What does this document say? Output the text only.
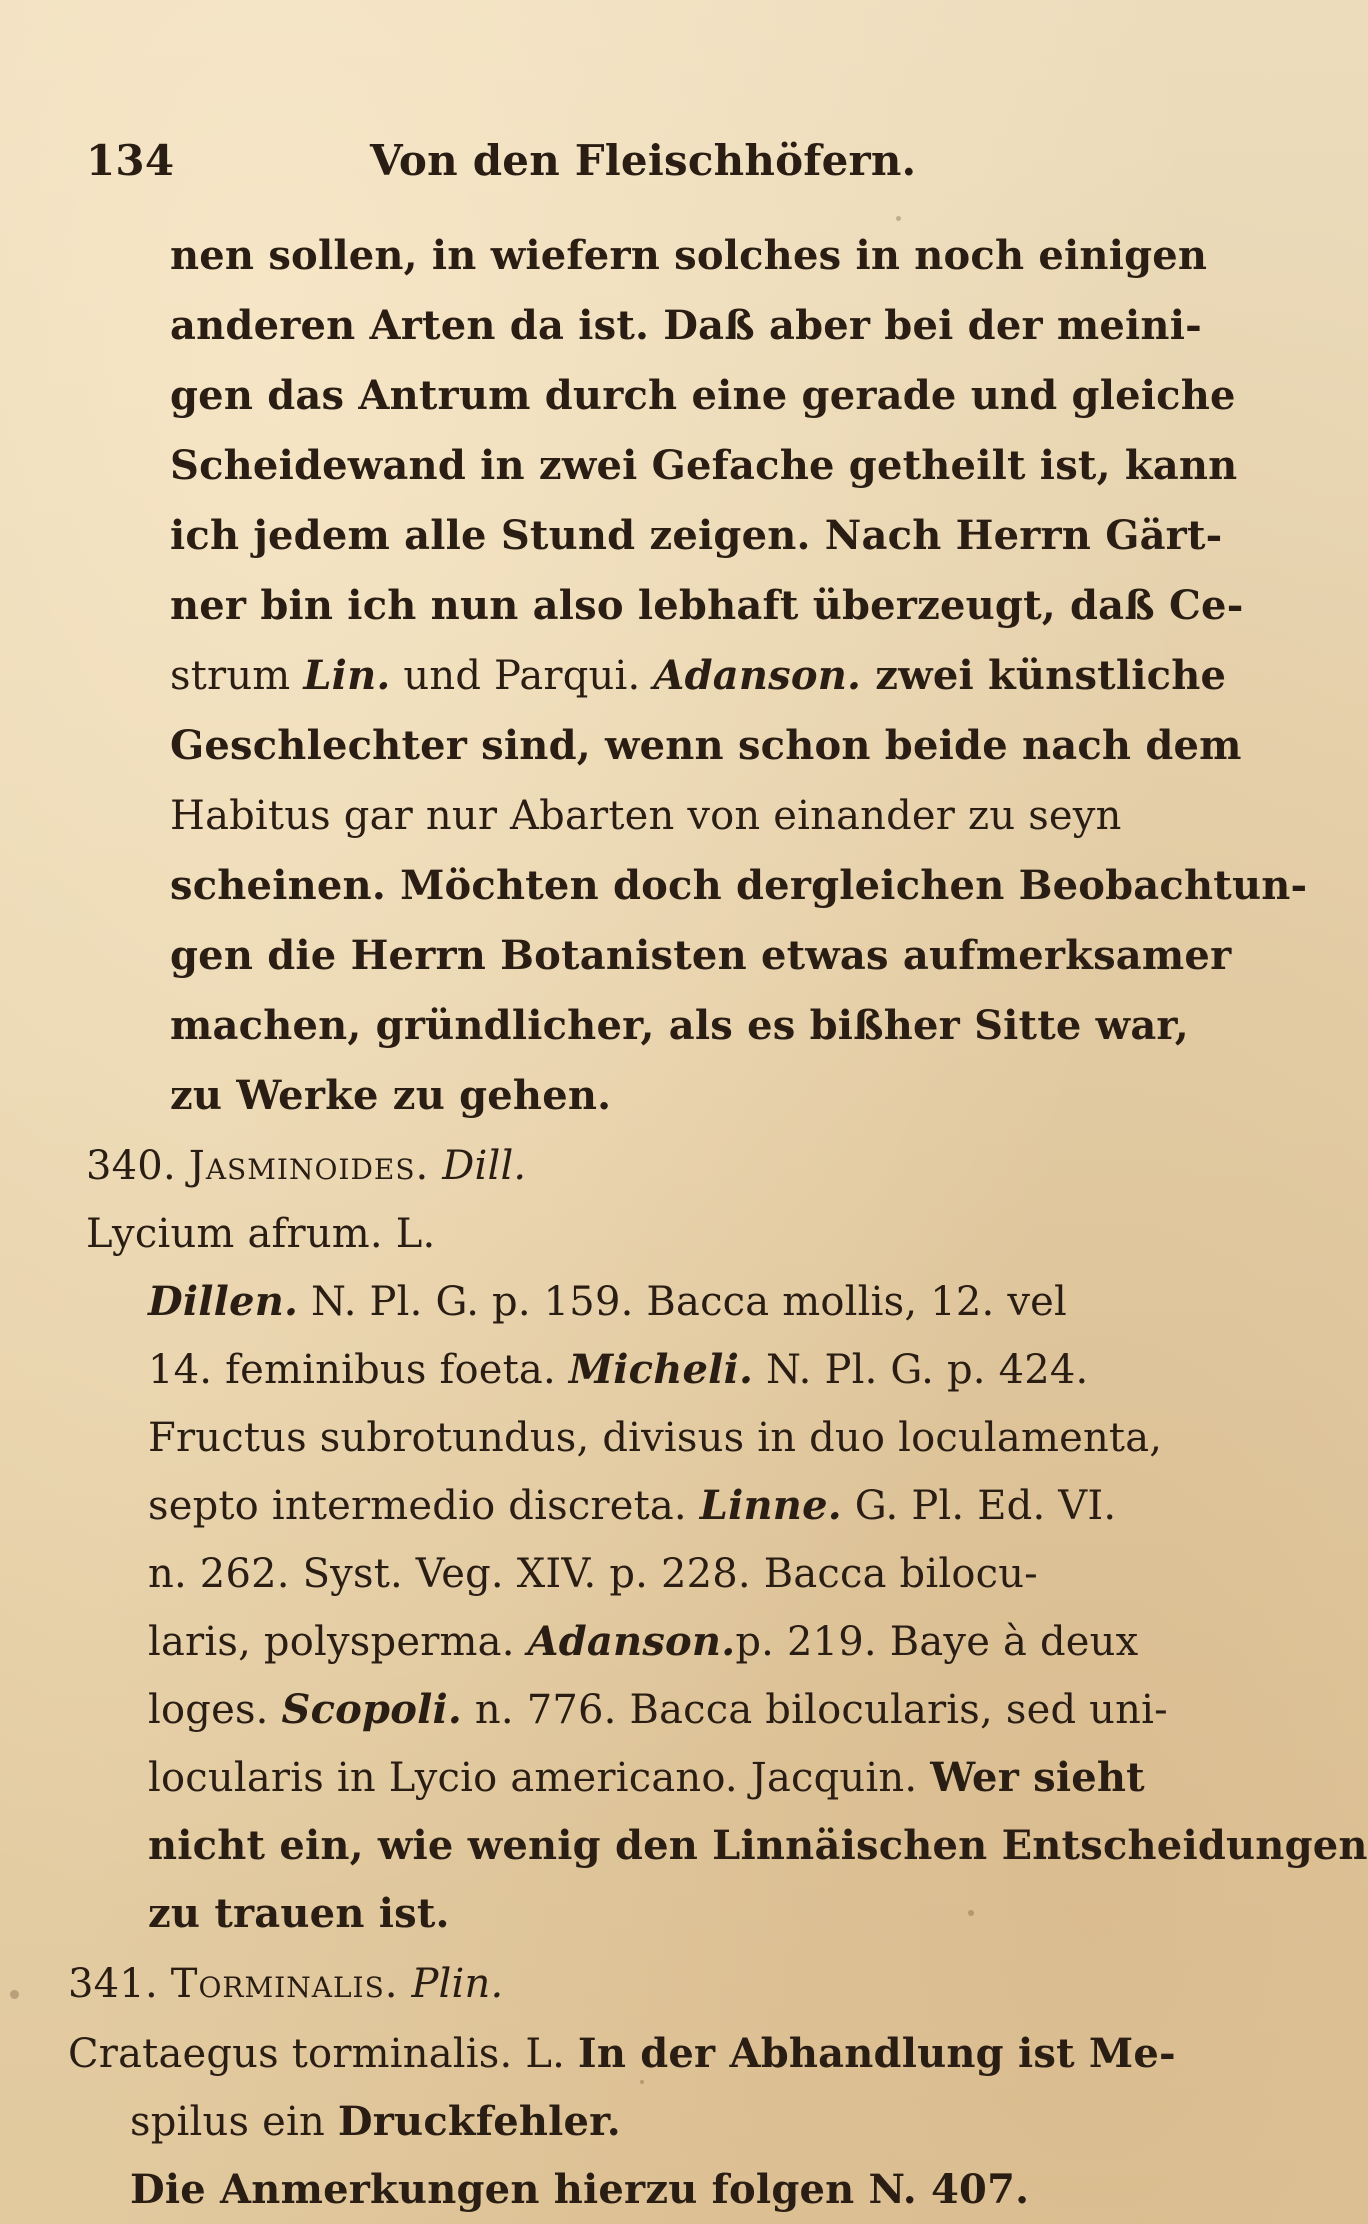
134	Von den Fleischhöfern.
nen sollen, in wiefern solches in noch einigen
anderen Arten da ist. Daß aber bei der meini-
gen das Antrum durch eine gerade und gleiche
Scheidewand in zwei Gefache getheilt ist, kann
ich jedem alle Stund zeigen. Nach Herrn Gärt-
ner bin ich nun also lebhaft überzeugt, daß Ce-
strum Lin. und Parqui. Adanson. zwei künstliche
Geschlechter sind, wenn schon beide nach dem
Habitus gar nur Abarten von einander zu seyn
scheinen. Möchten doch dergleichen Beobachtun-
gen die Herrn Botanisten etwas aufmerksamer
machen, gründlicher, als es bißher Sitte war,
zu Werke zu gehen.
340. Jasminoides. Dill.
Lycium afrum. L.
Dillen. N. Pl. G. p. 159. Bacca mollis, 12. vel
14. feminibus foeta. Micheli. N. Pl. G. p. 424.
Fructus subrotundus, divisus in duo loculamenta,
septo intermedio discreta. Linne. G. Pl. Ed. VI.
n. 262. Syst. Veg. XIV. p. 228. Bacca bilocu-
laris, polysperma. Adanson.p. 219. Baye à deux
loges. Scopoli. n. 776. Bacca bilocularis, sed uni-
locularis in Lycio americano. Jacquin. Wer sieht
nicht ein, wie wenig den Linnäischen Entscheidungen
zu trauen ist.
341. Torminalis. Plin.
Crataegus torminalis. L. In der Abhandlung ist Me-
spilus ein Druckfehler.
Die Anmerkungen hierzu folgen N. 407.
